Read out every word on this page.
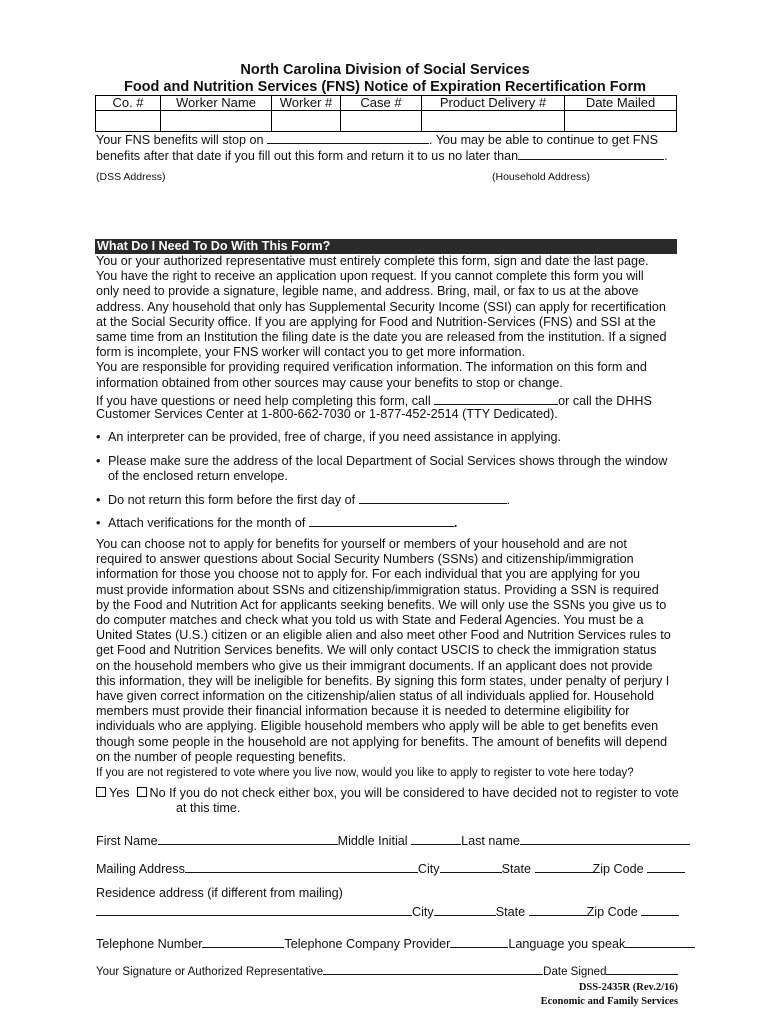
North Carolina Division of Social Services
Food and Nutrition Services (FNS) Notice of Expiration Recertification Form
Co. #	Worker Name	Worker #	Case #	Product Delivery #	Date Mailed

Your FNS benefits will stop on	. You may be able to continue to get FNS
benefits after that date if you fill out this form and return it to us no later than	.
(DSS Address)	(Household Address)
What Do I Need To Do With This Form?
You or your authorized representative must entirely complete this form, sign and date the last page.
You have the right to receive an application upon request. If you cannot complete this form you will
only need to provide a signature, legible name, and address. Bring, mail, or fax to us at the above
address. Any household that only has Supplemental Security Income (SSI) can apply for recertification
at the Social Security office. If you are applying for Food and Nutrition-Services (FNS) and SSI at the
same time from an Institution the filing date is the date you are released from the institution. If a signed
form is incomplete, your FNS worker will contact you to get more information.
You are responsible for providing required verification information. The information on this form and
information obtained from other sources may cause your benefits to stop or change.
If you have questions or need help completing this form, call	or call the DHHS
Customer Services Center at 1-800-662-7030 or 1-877-452-2514 (TTY Dedicated).
• An interpreter can be provided, free of charge, if you need assistance in applying.
• Please make sure the address of the local Department of Social Services shows through the window
of the enclosed return envelope.
• Do not return this form before the first day of	.
• Attach verifications for the month of	.
You can choose not to apply for benefits for yourself or members of your household and are not
required to answer questions about Social Security Numbers (SSNs) and citizenship/immigration
information for those you choose not to apply for. For each individual that you are applying for you
must provide information about SSNs and citizenship/immigration status. Providing a SSN is required
by the Food and Nutrition Act for applicants seeking benefits. We will only use the SSNs you give us to
do computer matches and check what you told us with State and Federal Agencies. You must be a
United States (U.S.) citizen or an eligible alien and also meet other Food and Nutrition Services rules to
get Food and Nutrition Services benefits. We will only contact USCIS to check the immigration status
on the household members who give us their immigrant documents. If an applicant does not provide
this information, they will be ineligible for benefits. By signing this form states, under penalty of perjury I
have given correct information on the citizenship/alien status of all individuals applied for. Household
members must provide their financial information because it is needed to determine eligibility for
individuals who are applying. Eligible household members who apply will be able to get benefits even
though some people in the household are not applying for benefits. The amount of benefits will depend
on the number of people requesting benefits.
If you are not registered to vote where you live now, would you like to apply to register to vote here today?
Yes No If you do not check either box, you will be considered to have decided not to register to vote
at this time.
First Name	Middle Initial	Last name
Mailing Address	City	State	Zip Code
Residence address (if different from mailing)
City	State	Zip Code
Telephone Number	Telephone Company Provider	Language you speak
Your Signature or Authorized Representative	Date Signed
DSS-2435R (Rev.2/16)
Economic and Family Services
